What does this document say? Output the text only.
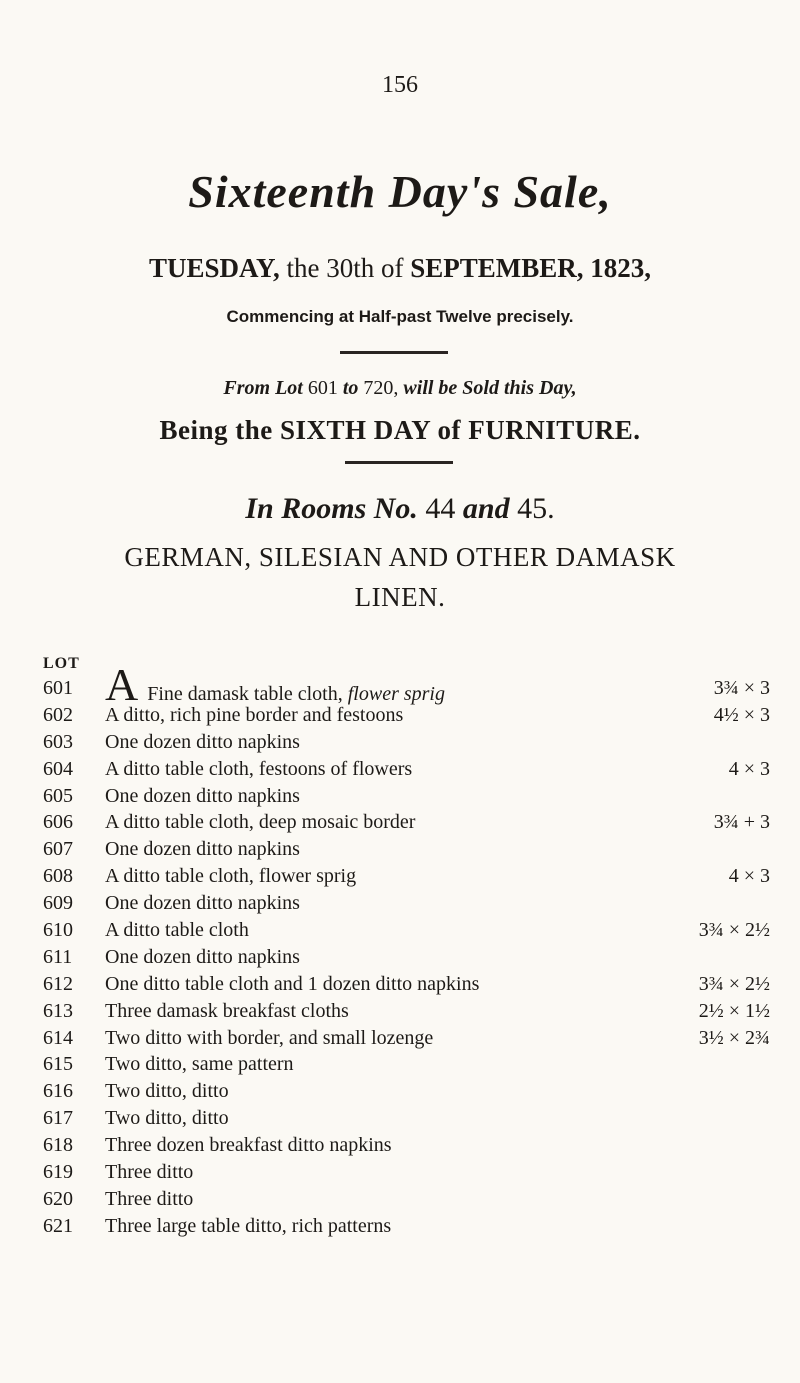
156
Sixteenth Day's Sale,
TUESDAY, the 30th of SEPTEMBER, 1823,
Commencing at Half-past Twelve precisely.
From Lot 601 to 720, will be Sold this Day,
Being the SIXTH DAY of FURNITURE.
In Rooms No. 44 and 45.
GERMAN, SILESIAN AND OTHER DAMASK
LINEN.
LOT
601 A Fine damask table cloth, flower sprig	3¾ × 3
602	A ditto, rich pine border and festoons	4½ × 3
603	One dozen ditto napkins
604	A ditto table cloth, festoons of flowers	4 × 3
605	One dozen ditto napkins
606	A ditto table cloth, deep mosaic border	3¾ + 3
607	One dozen ditto napkins
608	A ditto table cloth, flower sprig	4 × 3
609	One dozen ditto napkins
610	A ditto table cloth	3¾ × 2½
611	One dozen ditto napkins
612	One ditto table cloth and 1 dozen ditto napkins	3¾ × 2½
613	Three damask breakfast cloths	2½ × 1½
614	Two ditto with border, and small lozenge	3½ × 2¾
615	Two ditto, same pattern
616	Two ditto, ditto
617	Two ditto, ditto
618	Three dozen breakfast ditto napkins
619	Three ditto
620	Three ditto
621	Three large table ditto, rich patterns
